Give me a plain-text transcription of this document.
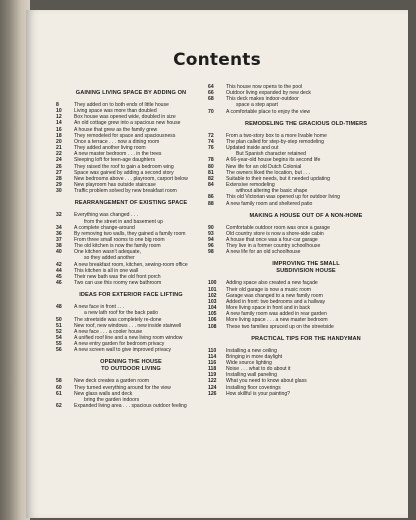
Contents
GAINING LIVING SPACE BY ADDING ON
8	They added on to both ends of little house
10	Living space was more than doubled
12	Box house was opened wide, doubled in size
14	An old cottage grew into a spacious new house
16	A house that grew as the family grew
18	They remodeled for space and spaciousness
20	Once a terrace . . . now a dining room
21	They added another living room
22	A new master bedroom . . . in the trees
24	Sleeping loft for teen-age daughters
26	They raised the roof to gain a bedroom wing
27	Space was gained by adding a second story
28	New bedrooms above . . . playroom, carport below
29	New playroom has outside staircase
30	Traffic problem solved by new breakfast room
REARRANGEMENT OF EXISTING SPACE
32	Everything was changed . . .
from the street in and basement up
34	A complete change-around
36	By removing two walls, they gained a family room
37	From three small rooms to one big room
38	The old kitchen is now the family room
40	One kitchen wasn't adequate,
so they added another
42	A new breakfast room, kitchen, sewing-room office
44	This kitchen is all in one wall
45	Their new bath was the old front porch
46	Two can use this roomy new bathroom
IDEAS FOR EXTERIOR FACE LIFTING
48	A new face in front . . .
a new lath roof for the back patio
50	The streetside was completely re-done
51	New roof, new windows . . . new inside stairwell
52	A new face . . . a cooler house
54	A unified roof line and a new living room window
55	A new entry garden for bedroom privacy
56	A new screen wall to give improved privacy
OPENING THE HOUSE
TO OUTDOOR LIVING
58	New deck creates a garden room
60	They turned everything around for the view
61	New glass walls and deck
bring the garden indoors
62	Expanded living area . . . spacious outdoor feeling
64	This house now opens to the pool
66	Outdoor living expanded by new deck
68	This deck makes indoor-outdoor
space a step apart
70	A comfortable place to enjoy the view
REMODELING THE GRACIOUS OLD-TIMERS
72	From a two-story box to a more livable home
74	The plan called for step-by-step remodeling
76	Updated inside and out
But Spanish character retained
78	A 66-year-old house begins its second life
80	New life for an old Dutch Colonial
81	The owners liked the location, but . . .
82	Suitable to their needs, but it needed updating
84	Extensive remodeling
without altering the basic shape
86	This old Victorian was opened up for outdoor living
88	A new family room and sheltered patio
MAKING A HOUSE OUT OF A NON-HOME
90	Comfortable outdoor room was once a garage
93	Old country store is now a shore-side cabin
94	A house that once was a four-car garage
96	They live in a former country schoolhouse
98	A new life for an old schoolhouse
IMPROVING THE SMALL
SUBDIVISION HOUSE
100	Adding space also created a new façade
101	Their old garage is now a music room
102	Garage was changed to a new family room
103	Added in front: two bedrooms and a hallway
104	More living space in front and in back
105	A new family room was added in rear garden
106	More living space . . . a new master bedroom
108	These two families spruced up on the streetside
PRACTICAL TIPS FOR THE HANDYMAN
110	Installing a new ceiling
114	Bringing in more daylight
116	Wide source lighting
118	Noise . . . what to do about it
119	Installing wall paneling
122	What you need to know about glass
124	Installing floor coverings
126	How skillful is your painting?
